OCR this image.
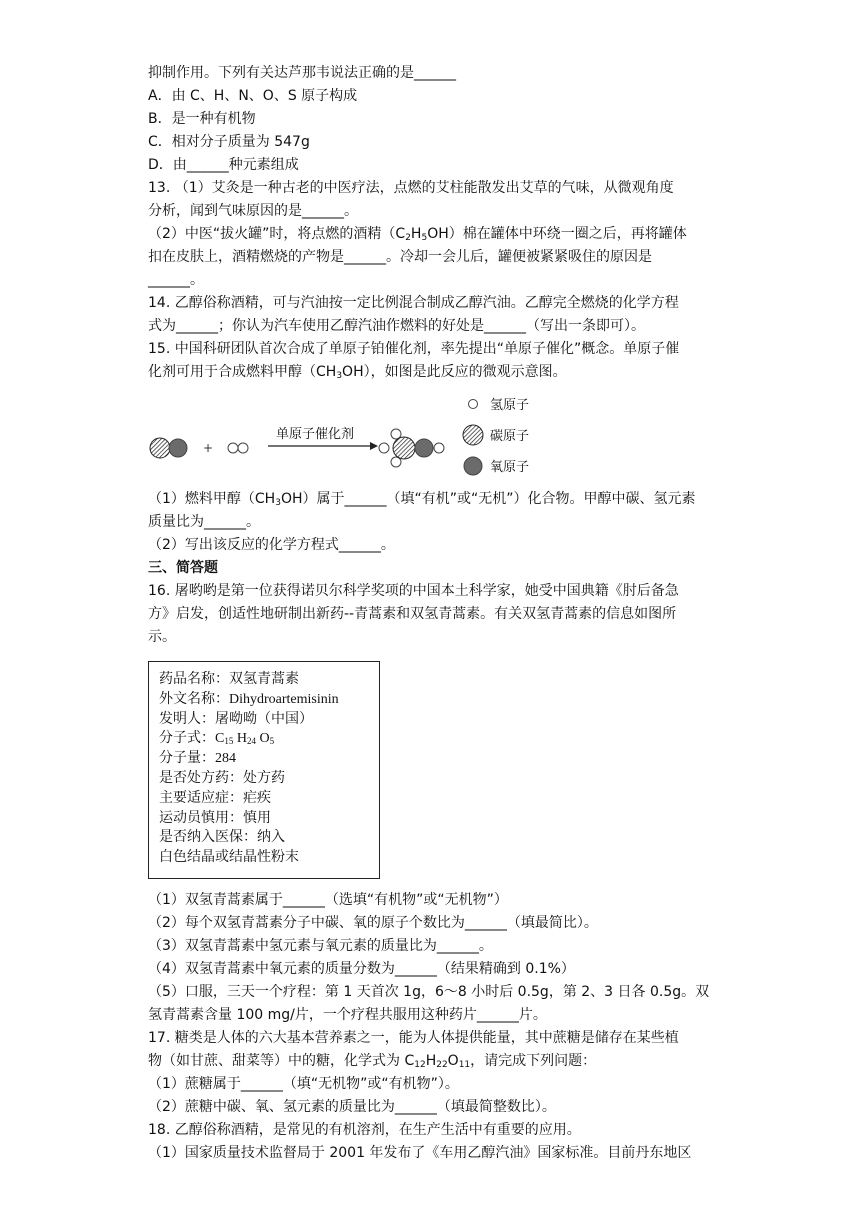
抑制作用。下列有关达芦那韦说法正确的是______
A．由 C、H、N、O、S 原子构成
B．是一种有机物
C．相对分子质量为 547g
D．由______种元素组成
13. （1）艾灸是一种古老的中医疗法，点燃的艾柱能散发出艾草的气味，从微观角度
分析，闻到气味原因的是______。
（2）中医“拔火罐”时，将点燃的酒精$(C_2H_5OH)$棉在罐体中环绕一圈之后，再将罐体
扣在皮肤上，酒精燃烧的产物是______。冷却一会儿后，罐便被紧紧吸住的原因是
______。
14. 乙醇俗称酒精，可与汽油按一定比例混合制成乙醇汽油。乙醇完全燃烧的化学方程
式为______；你认为汽车使用乙醇汽油作燃料的好处是______（写出一条即可）。
15. 中国科研团队首次合成了单原子铂催化剂，率先提出“单原子催化”概念。单原子催
化剂可用于合成燃料甲醇$(CH_3OH)$，如图是此反应的微观示意图。
+
单原子催化剂
氢原子
碳原子
氧原子
（1）燃料甲醇$(CH_3OH)$属于______（填“有机”或“无机”）化合物。甲醇中碳、氢元素
质量比为______。
（2）写出该反应的化学方程式______。
三、简答题
16. 屠哟哟是第一位获得诺贝尔科学奖项的中国本土科学家，她受中国典籍《肘后备急
方》启发，创适性地研制出新药--青蒿素和双氢青蒿素。有关双氢青蒿素的信息如图所
示。
药品名称：双氢青蒿素
外文名称：Dihydroartemisinin
发明人：屠呦呦（中国）
分子式：$C_{15}$ $H_{24}$ $O_5$
分子量：284
是否处方药：处方药
主要适应症：疟疾
运动员慎用：慎用
是否纳入医保：纳入
白色结晶或结晶性粉末
（1）双氢青蒿素属于______（选填“有机物”或“无机物”）
（2）每个双氢青蒿素分子中碳、氧的原子个数比为______（填最简比）。
（3）双氢青蒿素中氢元素与氧元素的质量比为______。
（4）双氢青蒿素中氧元素的质量分数为______（结果精确到 0.1%）
（5）口服，三天一个疗程：第 1 天首次 1g，6～8 小时后 0.5g，第 2、3 日各 0.5g。双
氢青蒿素含量 100 mg/片，一个疗程共服用这种药片______片。
17. 糖类是人体的六大基本营养素之一，能为人体提供能量，其中蔗糖是储存在某些植
物（如甘蔗、甜菜等）中的糖，化学式为 $C_{12}H_{22}O_{11}$，请完成下列问题：
（1）蔗糖属于______（填“无机物”或“有机物”）。
（2）蔗糖中碳、氧、氢元素的质量比为______（填最简整数比）。
18. 乙醇俗称酒精，是常见的有机溶剂，在生产生活中有重要的应用。
（1）国家质量技术监督局于 2001 年发布了《车用乙醇汽油》国家标准。目前丹东地区
